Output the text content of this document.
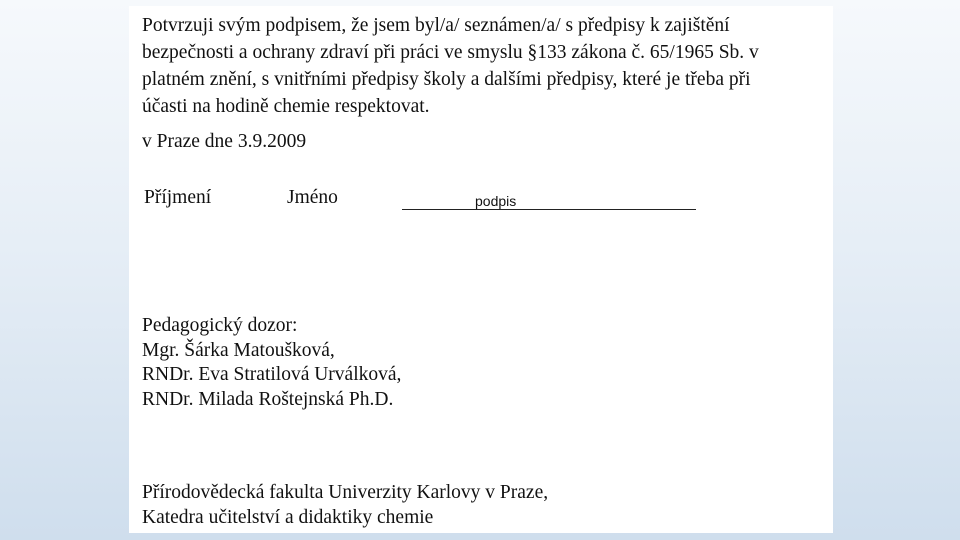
Potvrzuji svým podpisem, že jsem byl/a/ seznámen/a/ s předpisy k zajištění
bezpečnosti a ochrany zdraví při práci ve smyslu §133 zákona č. 65/1965 Sb. v
platném znění, s vnitřními předpisy školy a dalšími předpisy, které je třeba při
účasti na hodině chemie respektovat.

v Praze dne 3.9.2009
Příjmení	Jméno	podpis

Pedagogický dozor:
Mgr. Šárka Matoušková,
RNDr. Eva Stratilová Urválková,
RNDr. Milada Roštejnská Ph.D.

Přírodovědecká fakulta Univerzity Karlovy v Praze,
Katedra učitelství a didaktiky chemie
